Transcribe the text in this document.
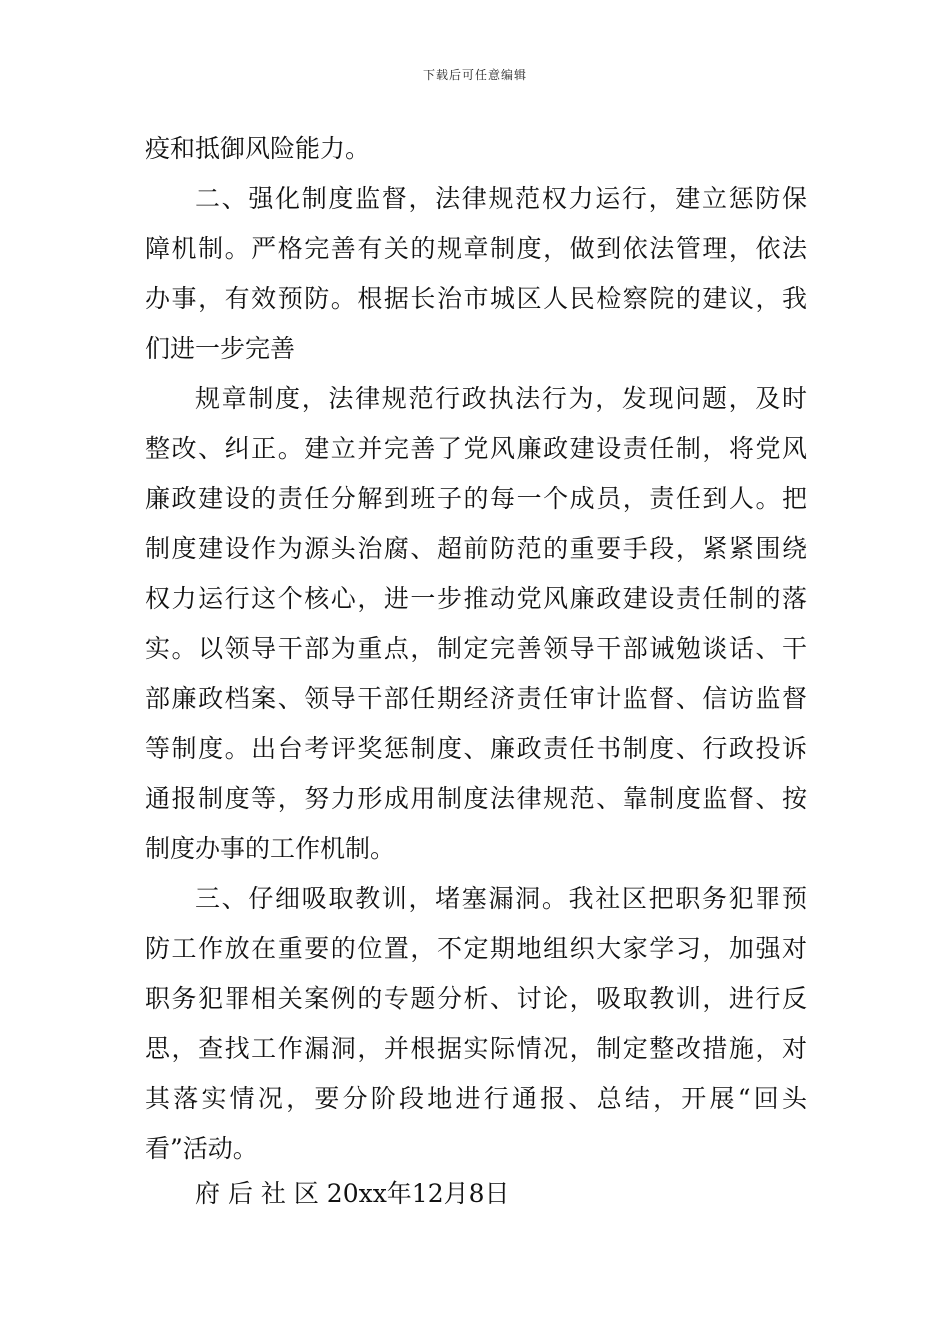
下载后可任意编辑
疫和抵御风险能力。
二、强化制度监督，法律规范权力运行，建立惩防保
障机制。严格完善有关的规章制度，做到依法管理，依法
办事，有效预防。根据长治市城区人民检察院的建议，我
们进一步完善
规章制度，法律规范行政执法行为，发现问题，及时
整改、纠正。建立并完善了党风廉政建设责任制，将党风
廉政建设的责任分解到班子的每一个成员，责任到人。把
制度建设作为源头治腐、超前防范的重要手段，紧紧围绕
权力运行这个核心，进一步推动党风廉政建设责任制的落
实。以领导干部为重点，制定完善领导干部诫勉谈话、干
部廉政档案、领导干部任期经济责任审计监督、信访监督
等制度。出台考评奖惩制度、廉政责任书制度、行政投诉
通报制度等，努力形成用制度法律规范、靠制度监督、按
制度办事的工作机制。
三、仔细吸取教训，堵塞漏洞。我社区把职务犯罪预
防工作放在重要的位置，不定期地组织大家学习，加强对
职务犯罪相关案例的专题分析、讨论，吸取教训，进行反
思，查找工作漏洞，并根据实际情况，制定整改措施，对
其落实情况，要分阶段地进行通报、总结，开展“回头
看”活动。
府 后 社 区 20xx年12月8日
